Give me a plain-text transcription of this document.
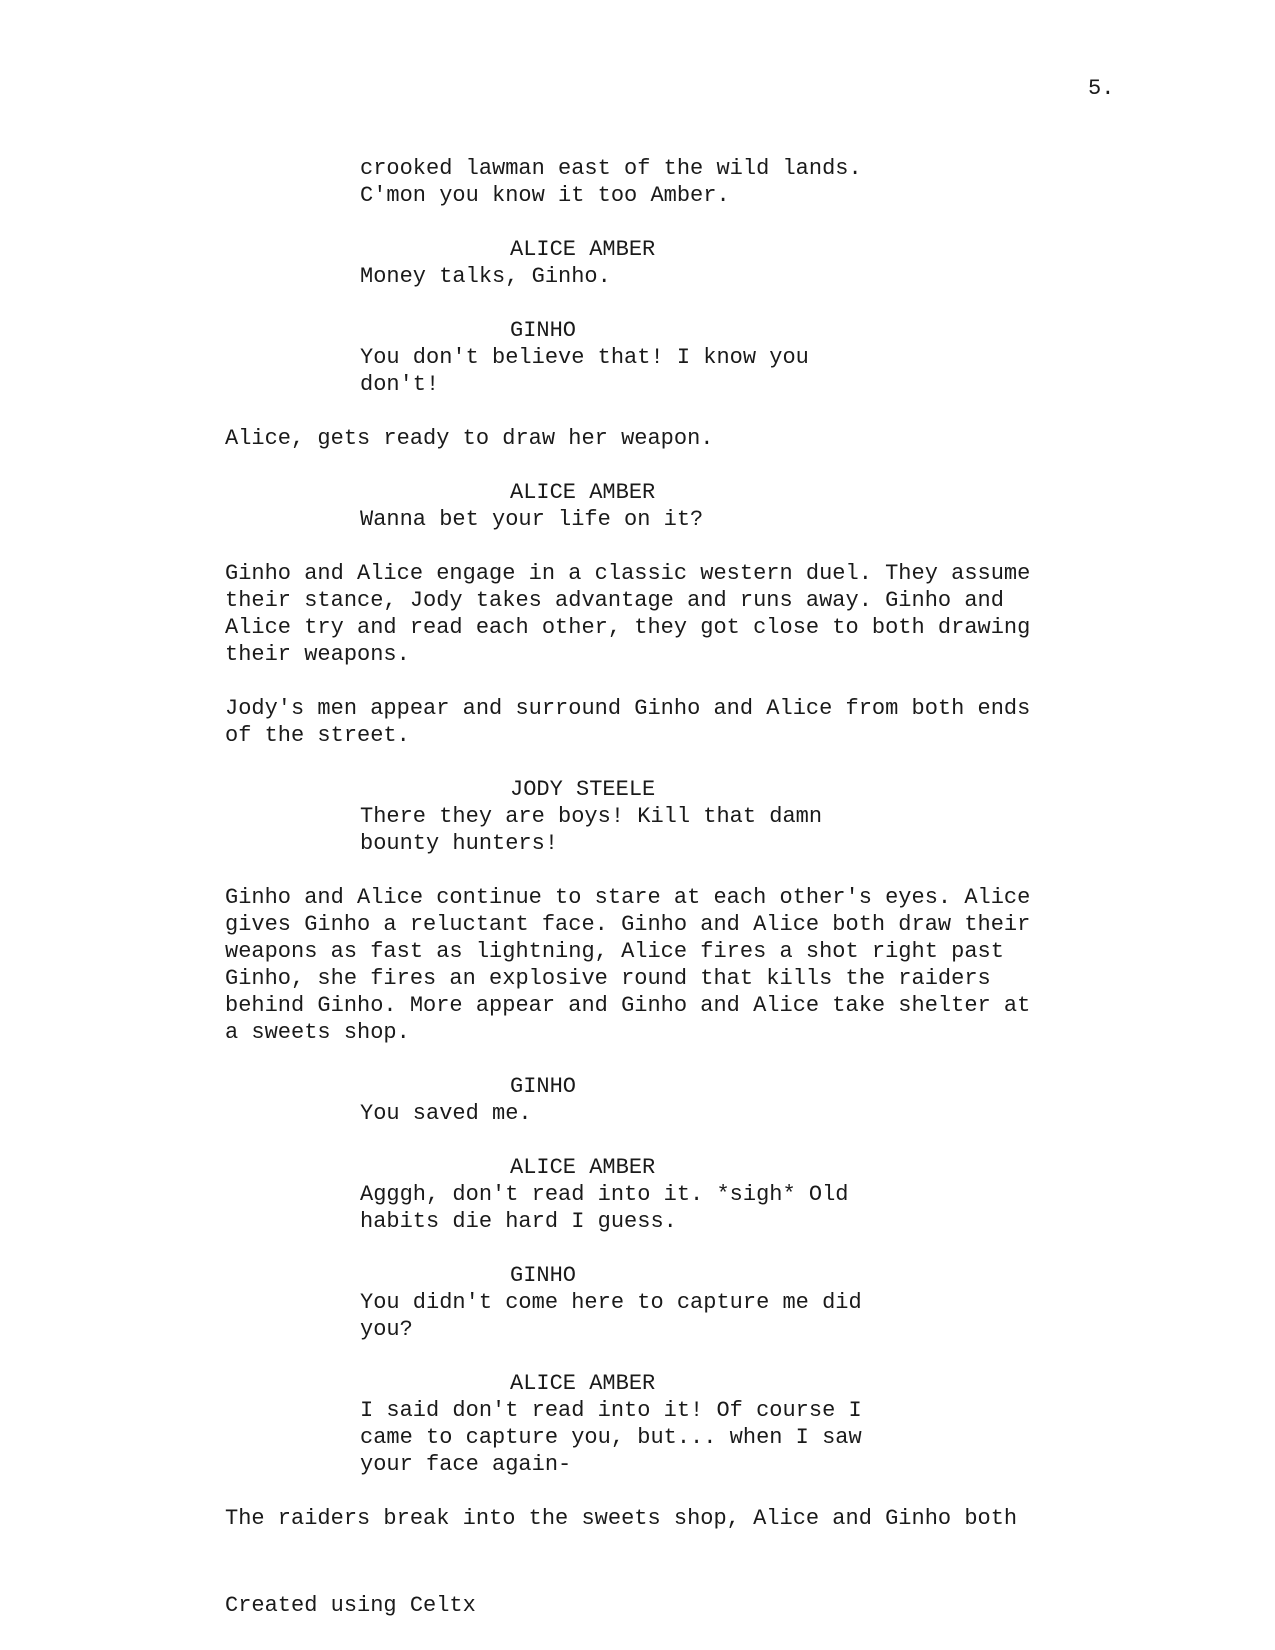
5.

crooked lawman east of the wild lands.
C'mon you know it too Amber.

ALICE AMBER

Money talks, Ginho.

GINHO

You don't believe that! I know you
don't!

Alice, gets ready to draw her weapon.

ALICE AMBER

Wanna bet your life on it?

Ginho and Alice engage in a classic western duel. They assume
their stance, Jody takes advantage and runs away. Ginho and
Alice try and read each other, they got close to both drawing
their weapons.

Jody's men appear and surround Ginho and Alice from both ends
of the street.

JODY STEELE

There they are boys! Kill that damn
bounty hunters!

Ginho and Alice continue to stare at each other's eyes. Alice
gives Ginho a reluctant face. Ginho and Alice both draw their
weapons as fast as lightning, Alice fires a shot right past
Ginho, she fires an explosive round that kills the raiders
behind Ginho. More appear and Ginho and Alice take shelter at
a sweets shop.

GINHO

You saved me.

ALICE AMBER

Agggh, don't read into it. *sigh* Old
habits die hard I guess.

GINHO

You didn't come here to capture me did
you?

ALICE AMBER

I said don't read into it! Of course I
came to capture you, but... when I saw
your face again-

The raiders break into the sweets shop, Alice and Ginho both

Created using Celtx
